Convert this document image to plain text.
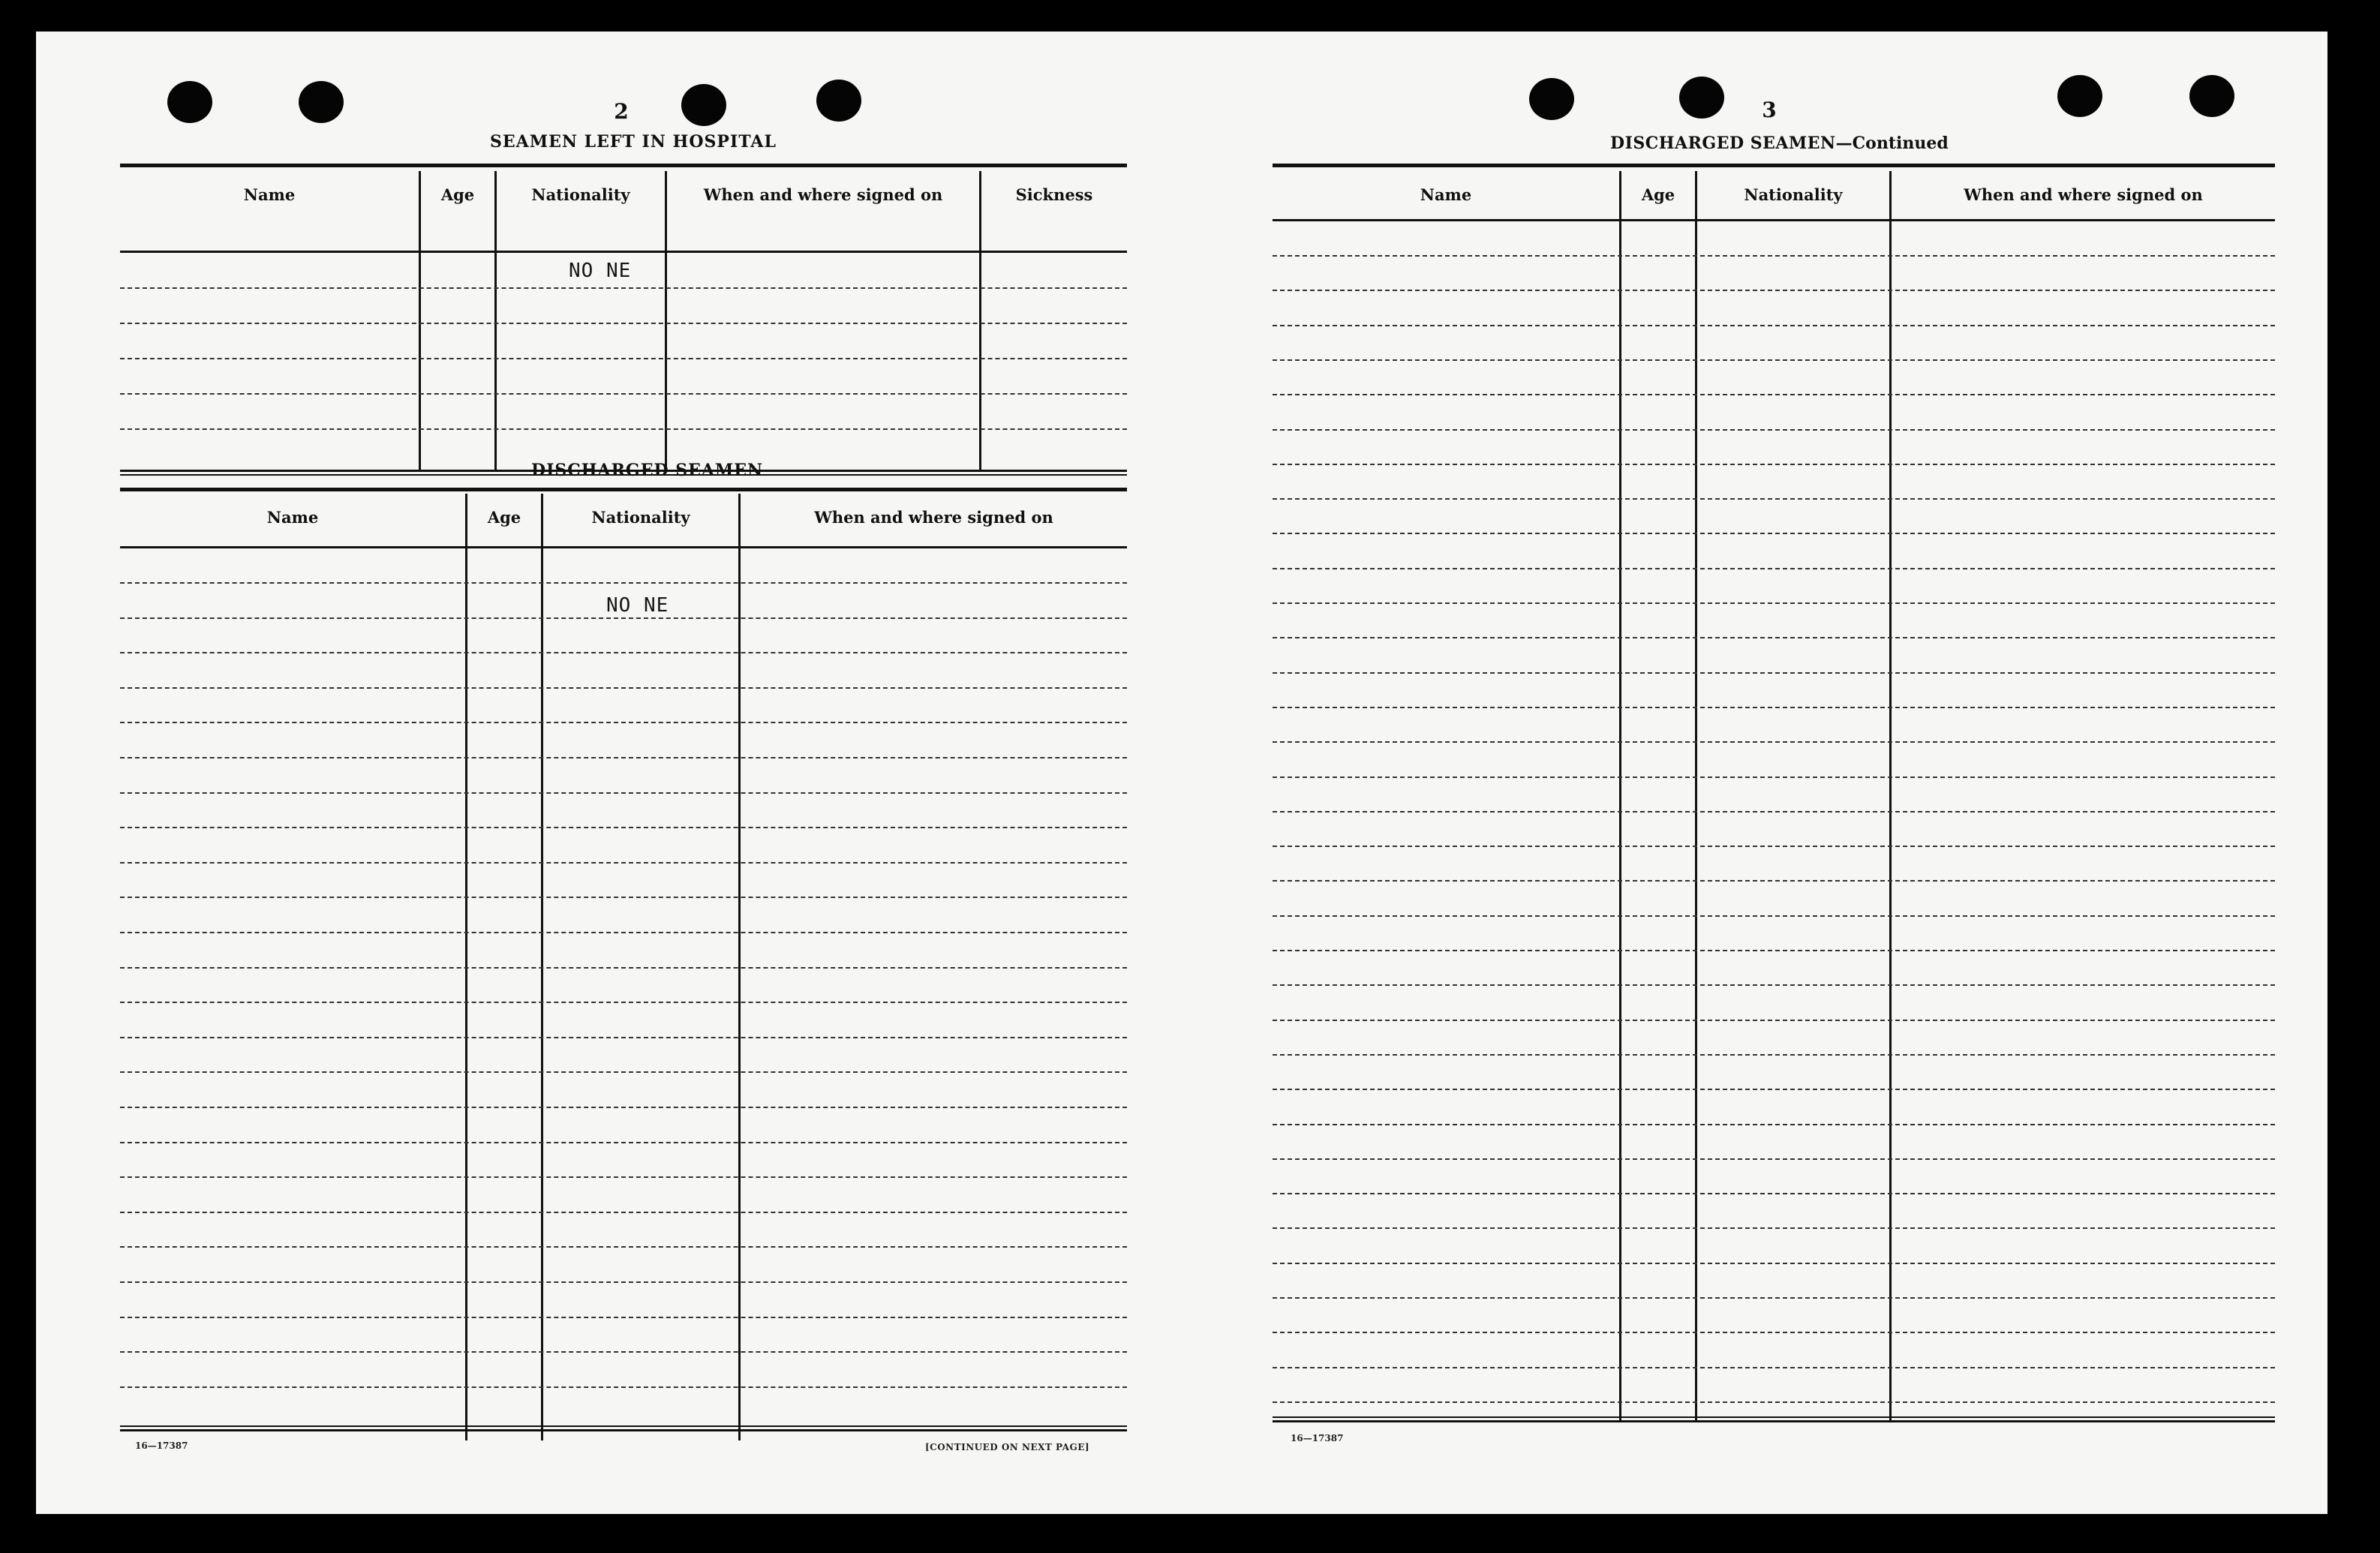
2
SEAMEN LEFT IN HOSPITAL
Name	Age	Nationality	When and where signed on	Sickness
NO NE
DISCHARGED SEAMEN
Name	Age	Nationality	When and where signed on
NO NE
16—17387	[CONTINUED ON NEXT PAGE]
3
DISCHARGED SEAMEN—Continued
Name	Age	Nationality	When and where signed on
16—17387
